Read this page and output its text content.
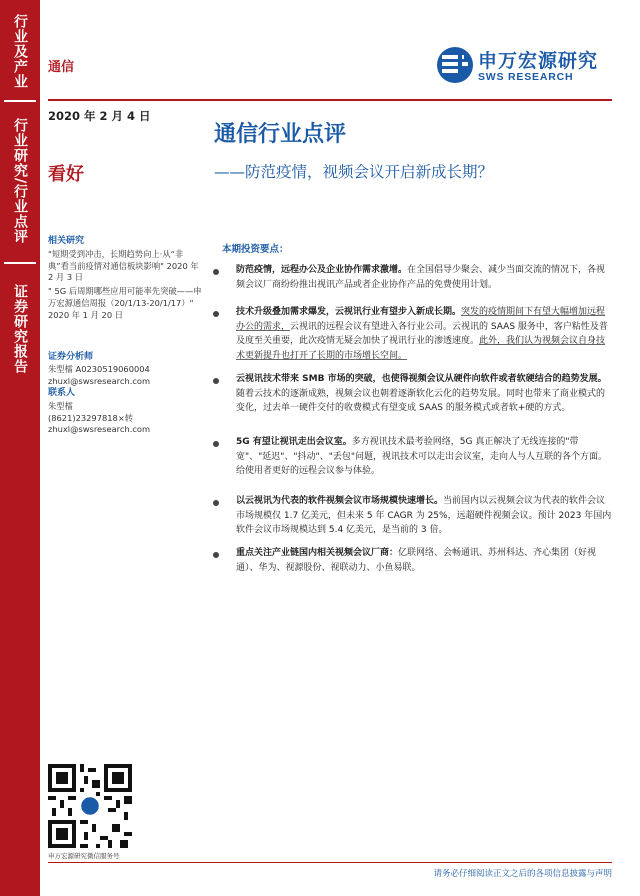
行业及产业
行业研究/行业点评
证券研究报告
通信	申万宏源研究
SWS RESEARCH
2020 年 2 月 4 日
看好
通信行业点评
——防范疫情，视频会议开启新成长期？
相关研究
"短期受到冲击，长期趋势向上·从“非典”看当前疫情对通信板块影响" 2020 年 2 月 3 日
" 5G 后周期哪些应用可能率先突破——申万宏源通信周报（20/1/13-20/1/17）" 2020 年 1 月 20 日
证券分析师
朱型檑 A0230519060004
zhuxl@swsresearch.com
联系人
朱型檑
(8621)23297818×转
zhuxl@swsresearch.com
本期投资要点：
防范疫情，远程办公及企业协作需求激增。在全国倡导少聚会、减少当面交流的情况下，各视频会议厂商纷纷推出视讯产品或者企业协作产品的免费使用计划。
技术升级叠加需求爆发，云视讯行业有望步入新成长期。突发的疫情期间下有望大幅增加远程办公的需求，云视讯的远程会议有望进入各行业公司。云视讯的 SAAS 服务中，客户粘性及普及度至关重要，此次疫情无疑会加快了视讯行业的渗透速度。此外，我们认为视频会议自身技术更新提升也打开了长期的市场增长空间。
云视讯技术带来 SMB 市场的突破，也使得视频会议从硬件向软件或者软硬结合的趋势发展。随着云技术的逐渐成熟，视频会议也朝着逐渐软化云化的趋势发展。同时也带来了商业模式的变化，过去单一硬件交付的收费模式有望变成 SAAS 的服务模式或者软+硬的方式。
5G 有望让视讯走出会议室。多方视讯技术最考验网络，5G 真正解决了无线连接的"带宽"、"延迟"、"抖动"、"丢包"问题，视讯技术可以走出会议室，走向人与人互联的各个方面。给使用者更好的远程会议参与体验。
以云视讯为代表的软件视频会议市场规模快速增长。当前国内以云视频会议为代表的软件会议市场规模仅 1.7 亿美元，但未来 5 年 CAGR 为 25%，远超硬件视频会议。预计 2023 年国内软件会议市场规模达到 5.4 亿美元，是当前的 3 倍。
重点关注产业链国内相关视频会议厂商：亿联网络、会畅通讯、苏州科达、齐心集团（好视通）、华为、视源股份、视联动力、小鱼易联。
申万宏源研究微信服务号
请务必仔细阅读正文之后的各项信息披露与声明
